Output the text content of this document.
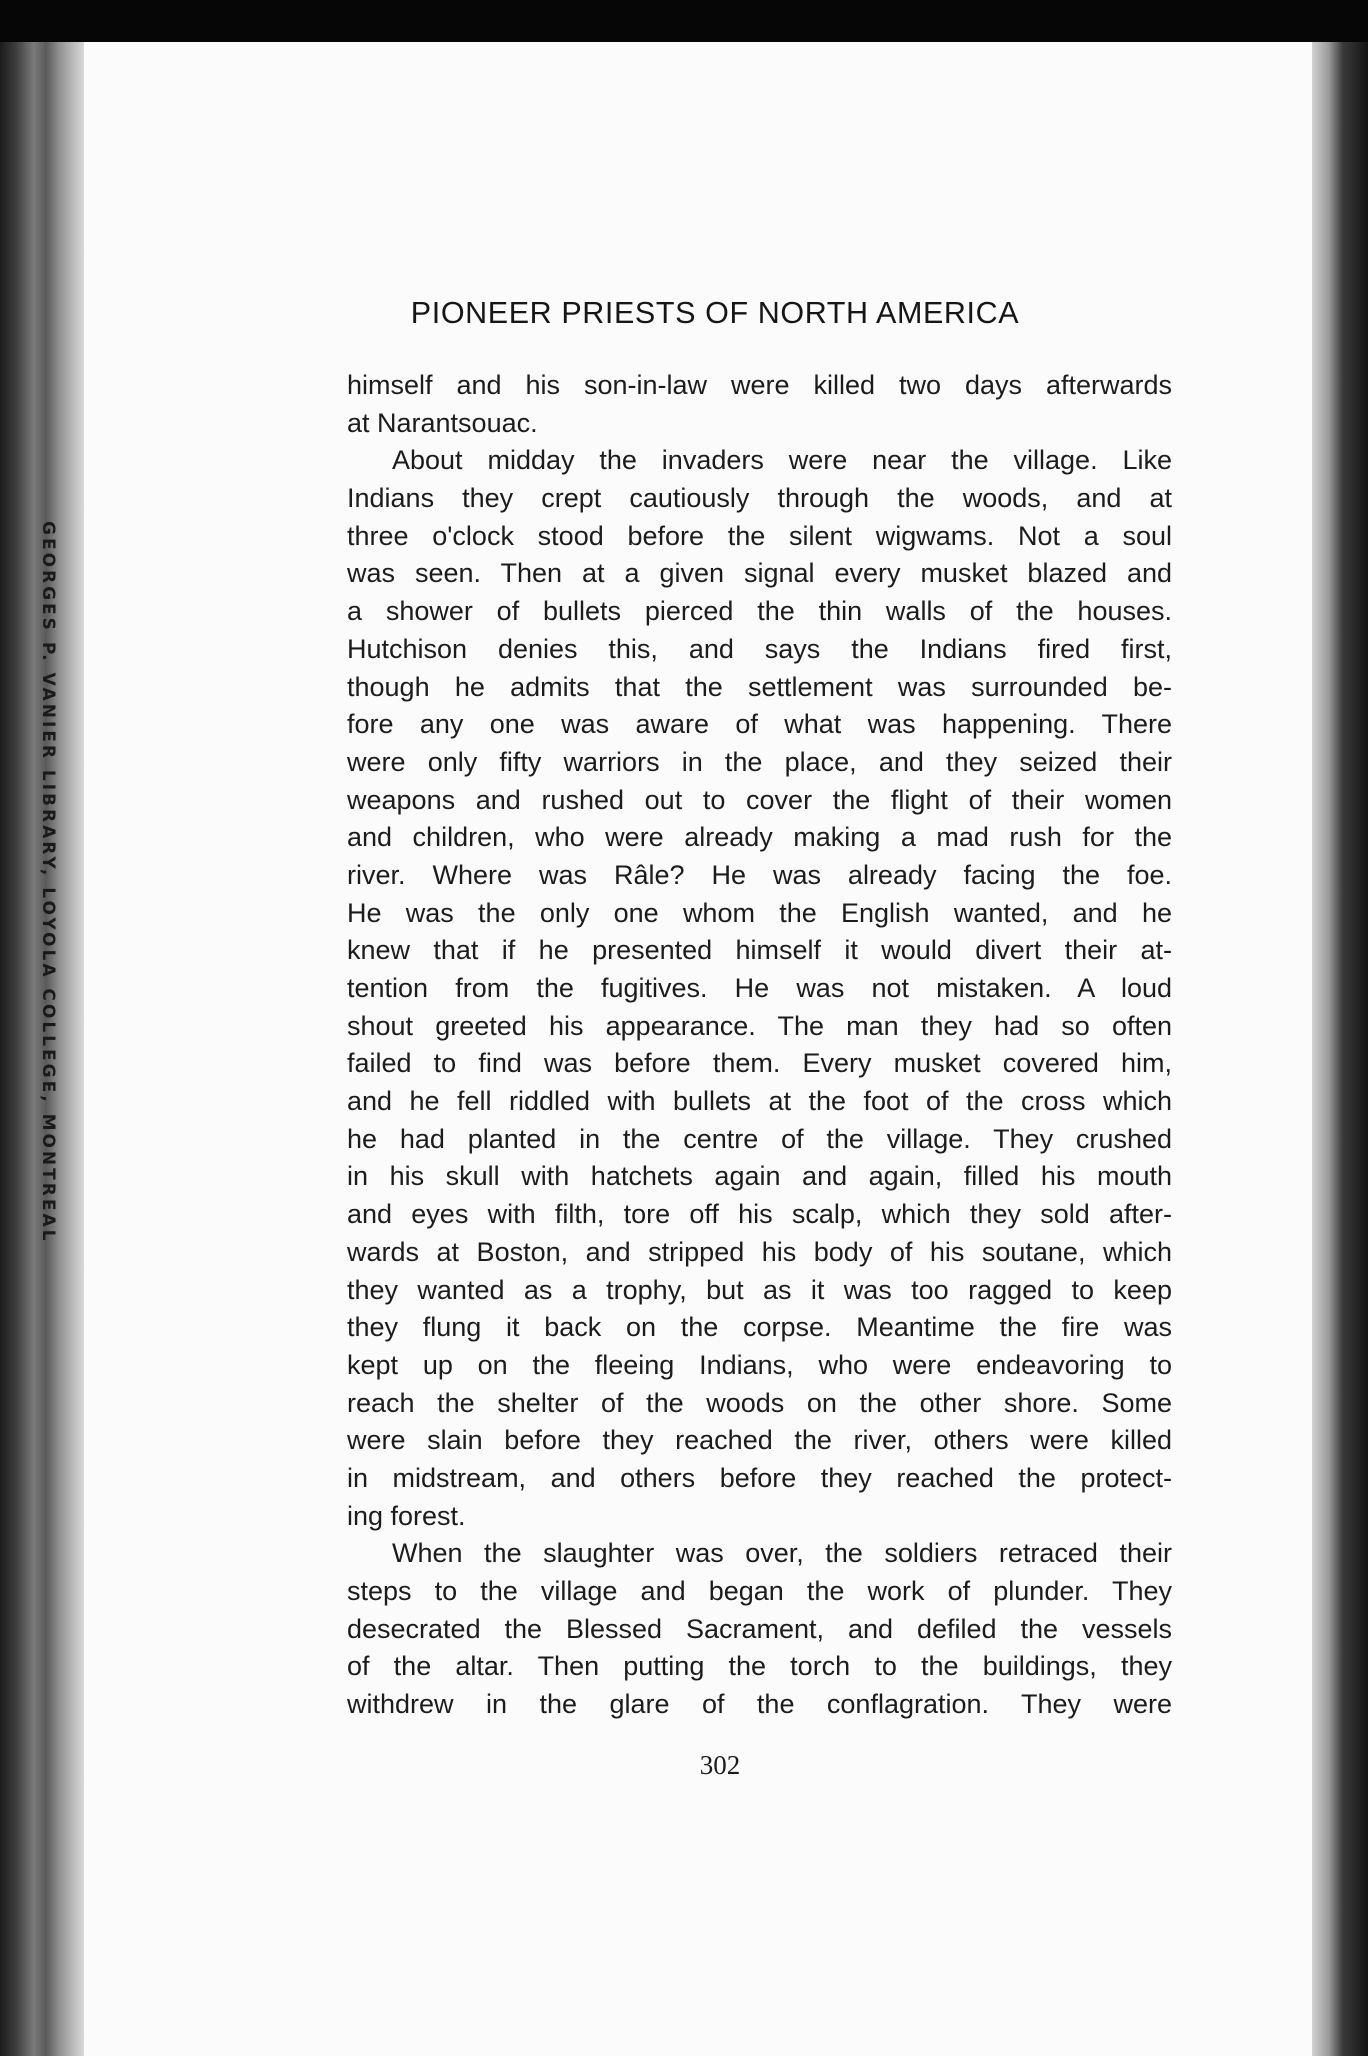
GEORGES P. VANIER LIBRARY, LOYOLA COLLEGE, MONTREAL
PIONEER PRIESTS OF NORTH AMERICA
himself and his son-in-law were killed two days afterwards
at Narantsouac.
About midday the invaders were near the village. Like
Indians they crept cautiously through the woods, and at
three o'clock stood before the silent wigwams. Not a soul
was seen. Then at a given signal every musket blazed and
a shower of bullets pierced the thin walls of the houses.
Hutchison denies this, and says the Indians fired first,
though he admits that the settlement was surrounded be-
fore any one was aware of what was happening. There
were only fifty warriors in the place, and they seized their
weapons and rushed out to cover the flight of their women
and children, who were already making a mad rush for the
river. Where was Râle? He was already facing the foe.
He was the only one whom the English wanted, and he
knew that if he presented himself it would divert their at-
tention from the fugitives. He was not mistaken. A loud
shout greeted his appearance. The man they had so often
failed to find was before them. Every musket covered him,
and he fell riddled with bullets at the foot of the cross which
he had planted in the centre of the village. They crushed
in his skull with hatchets again and again, filled his mouth
and eyes with filth, tore off his scalp, which they sold after-
wards at Boston, and stripped his body of his soutane, which
they wanted as a trophy, but as it was too ragged to keep
they flung it back on the corpse. Meantime the fire was
kept up on the fleeing Indians, who were endeavoring to
reach the shelter of the woods on the other shore. Some
were slain before they reached the river, others were killed
in midstream, and others before they reached the protect-
ing forest.
When the slaughter was over, the soldiers retraced their
steps to the village and began the work of plunder. They
desecrated the Blessed Sacrament, and defiled the vessels
of the altar. Then putting the torch to the buildings, they
withdrew in the glare of the conflagration. They were
302
